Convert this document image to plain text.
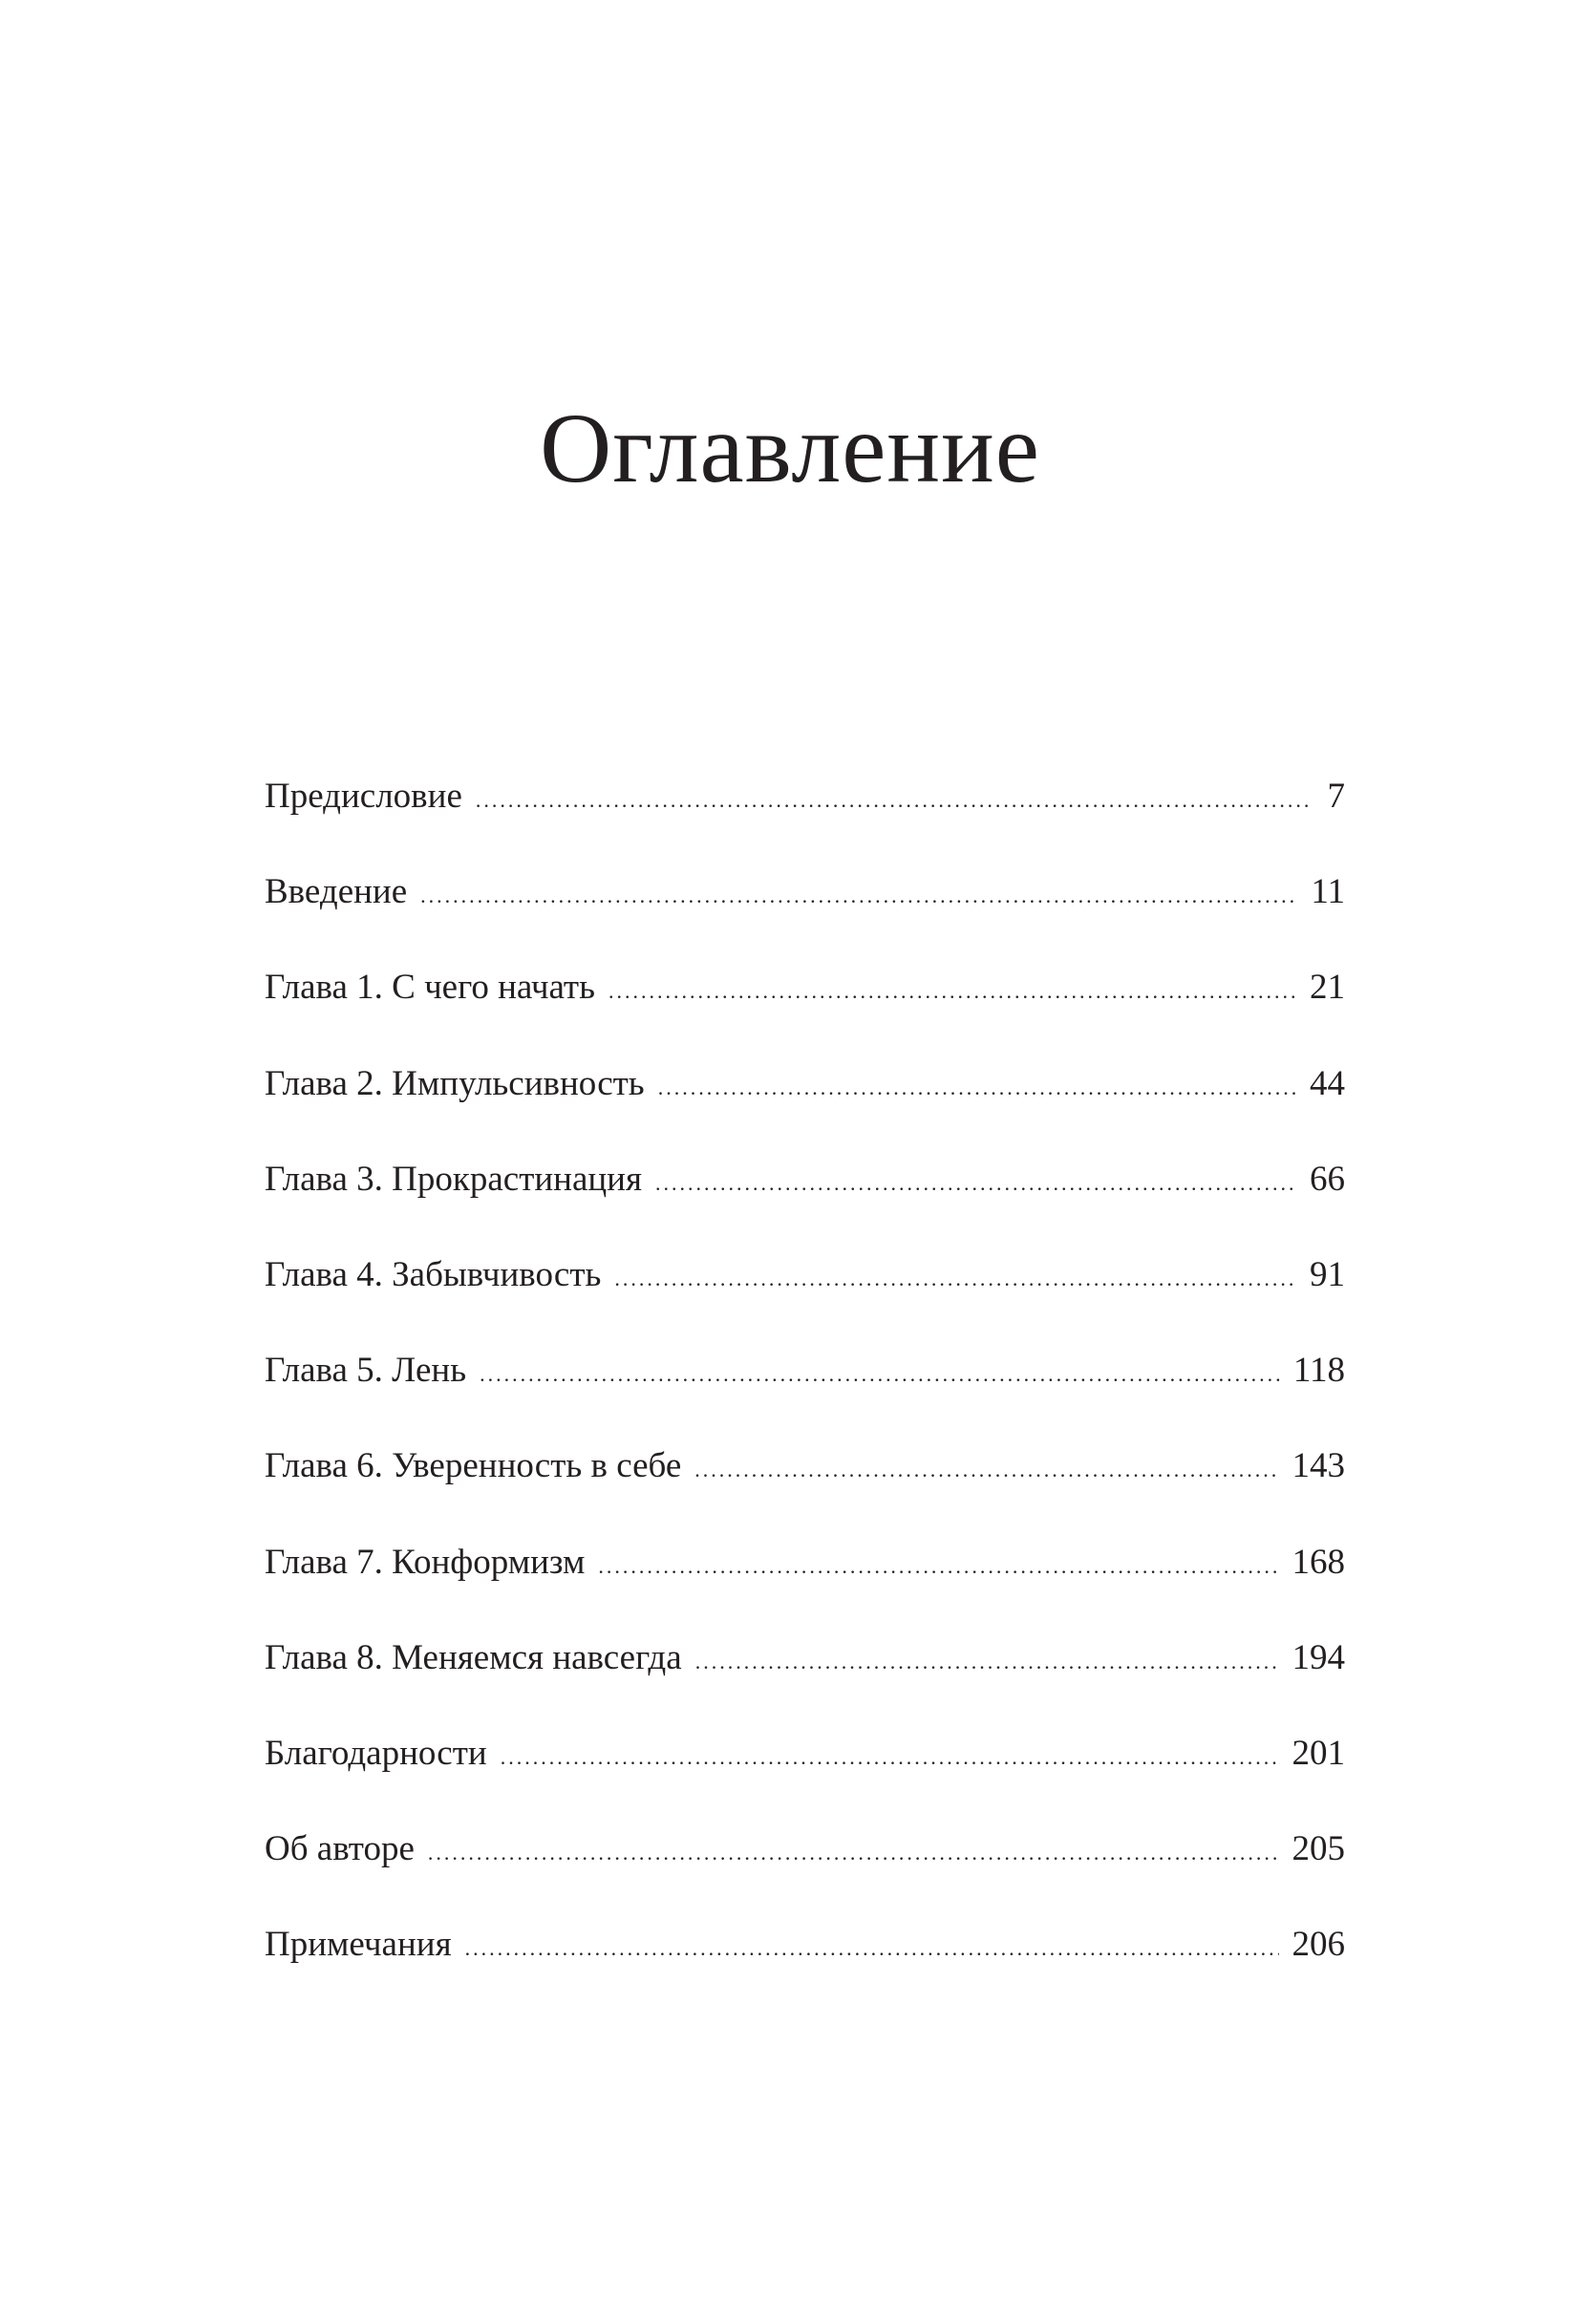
Оглавление
Предисловие .....	7
Введение .....	11
Глава 1. С чего начать .....	21
Глава 2. Импульсивность .....	44
Глава 3. Прокрастинация .....	66
Глава 4. Забывчивость .....	91
Глава 5. Лень .....	118
Глава 6. Уверенность в себе .....	143
Глава 7. Конформизм .....	168
Глава 8. Меняемся навсегда .....	194
Благодарности .....	201
Об авторе .....	205
Примечания .....	206
